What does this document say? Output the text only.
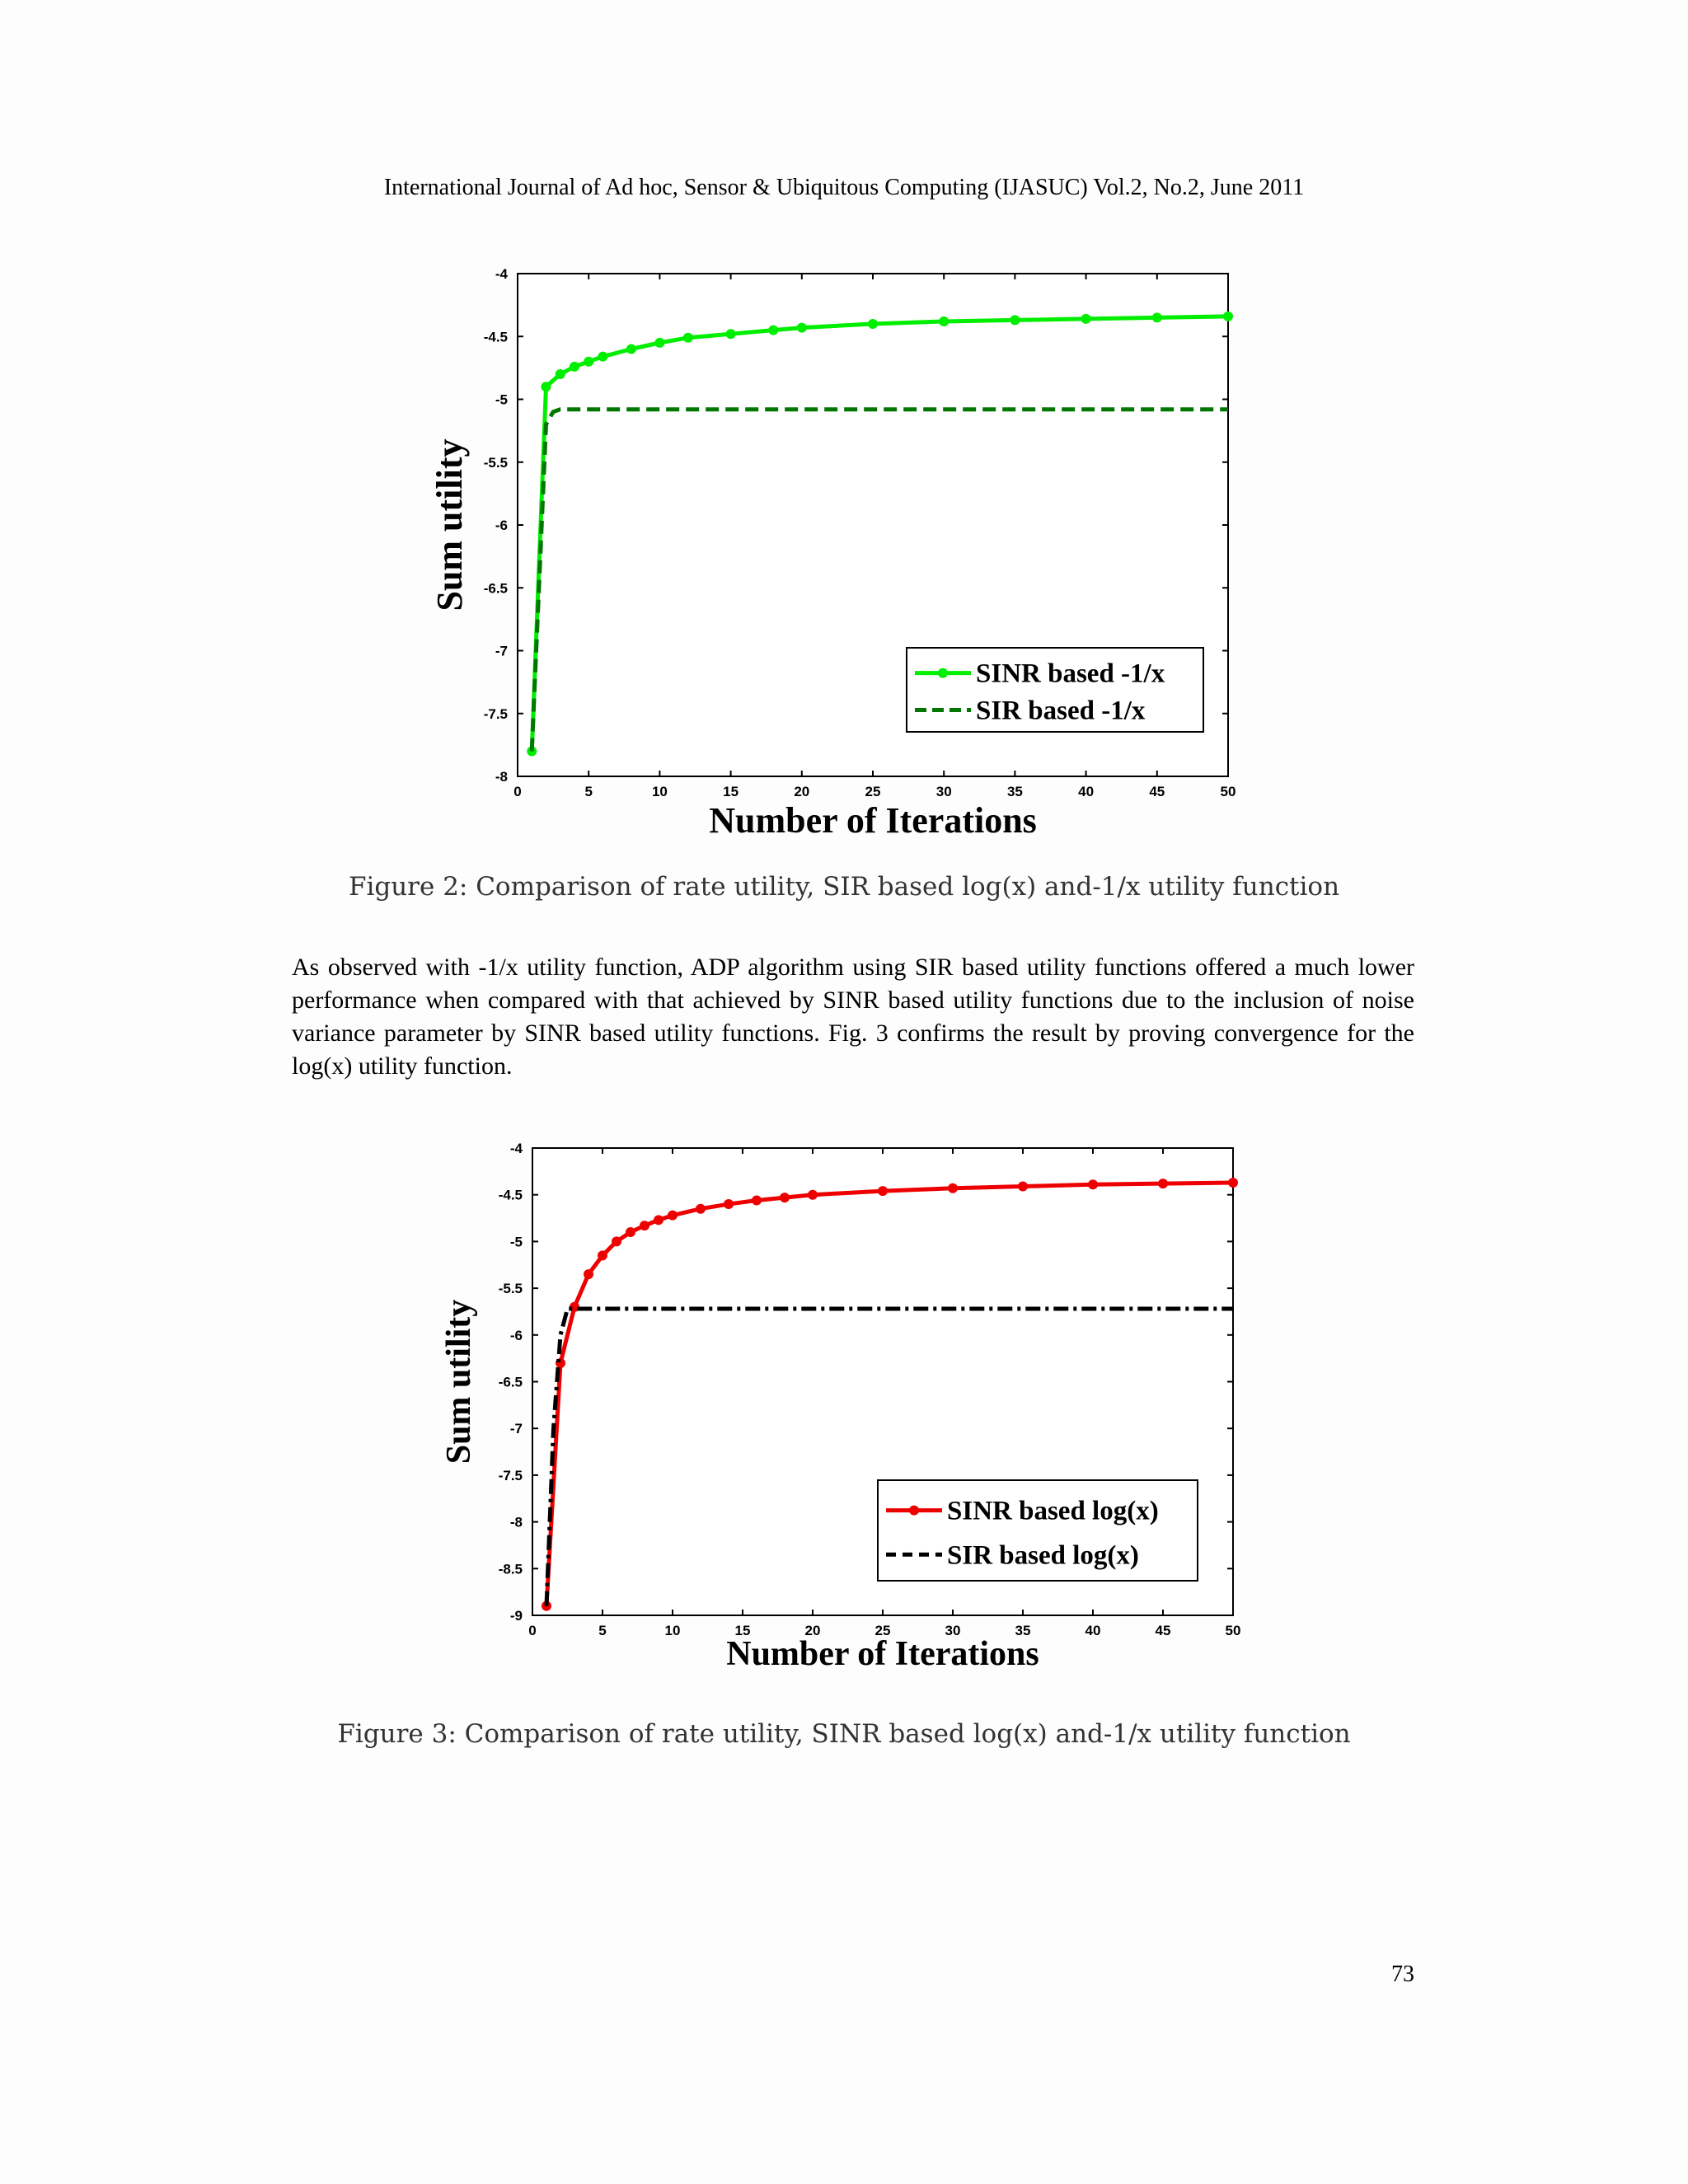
International Journal of Ad hoc, Sensor & Ubiquitous Computing (IJASUC) Vol.2, No.2, June 2011
0	5	10	15	20	25	30	35	40	45	50
-4
-4.5
-5
-5.5
-6
-6.5
-7
-7.5
-8
Number of Iterations
Sum utility
SINR based -1/x
SIR based -1/x
Figure 2: Comparison of rate utility, SIR based log(x) and-1/x utility function

As observed with -1/x utility function, ADP algorithm using SIR based utility functions offered a much lower performance when compared with that achieved by SINR based utility functions due to the inclusion of noise variance parameter by SINR based utility functions. Fig. 3 confirms the result by proving convergence for the log(x) utility function.

0	5	10	15	20	25	30	35	40	45	50
-4
-4.5
-5
-5.5
-6
-6.5
-7
-7.5
-8
-8.5
-9
Number of Iterations
Sum utility
SINR based log(x)
SIR based log(x)
Figure 3: Comparison of rate utility, SINR based log(x) and-1/x utility function
73
